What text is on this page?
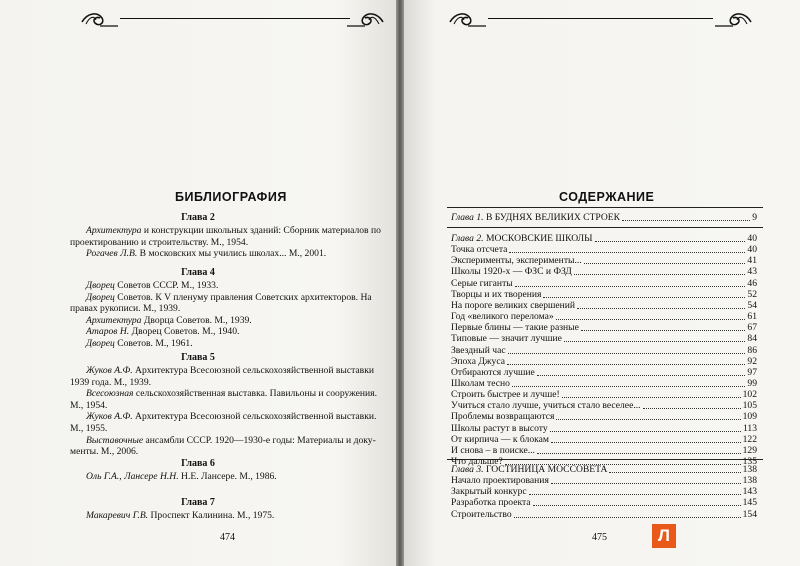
БИБЛИОГРАФИЯ
Глава 2
Архитектура и конструкции школьных зданий: Сборник материалов по
проектированию и строительству. М., 1954.
Рогачев Л.В. В московских мы учились школах... М., 2001.
Глава 4
Дворец Советов СССР. М., 1933.
Дворец Советов. К V пленуму правления Советских архитекторов. На
правах рукописи. М., 1939.
Архитектура Дворца Советов. М., 1939.
Атаров Н. Дворец Советов. М., 1940.
Дворец Советов. М., 1961.
Глава 5
Жуков А.Ф. Архитектура Всесоюзной сельскохозяйственной выставки
1939 года. М., 1939.
Всесоюзная сельскохозяйственная выставка. Павильоны и сооружения.
М., 1954.
Жуков А.Ф. Архитектура Всесоюзной сельскохозяйственной выставки.
М., 1955.
Выставочные ансамбли СССР. 1920—1930-е годы: Материалы и доку-
менты. М., 2006.
Глава 6
Оль Г.А., Лансере Н.Н. Н.Е. Лансере. М., 1986.
Глава 7
Макаревич Г.В. Проспект Калинина. М., 1975.
474
СОДЕРЖАНИЕ
475
Глава 1. В БУДНЯХ ВЕЛИКИХ СТРОЕК	9
Глава 2. МОСКОВСКИЕ ШКОЛЫ	40
Точка отсчета	40
Эксперименты, эксперименты...	41
Школы 1920-х — ФЗС и ФЗД	43
Серые гиганты	46
Творцы и их творения	52
На пороге великих свершений	54
Год «великого перелома»	61
Первые блины — такие разные	67
Типовые — значит лучшие	84
Звездный час	86
Эпоха Джуса	92
Отбираются лучшие	97
Школам тесно	99
Строить быстрее и лучше!	102
Учиться стало лучше, учиться стало веселее...	105
Проблемы возвращаются	109
Школы растут в высоту	113
От кирпича — к блокам	122
И снова – в поиске...	129
Что дальше?	135
Глава 3. ГОСТИНИЦА МОССОВЕТА	138
Начало проектирования	138
Закрытый конкурс	143
Разработка проекта	145
Строительство	154
Л
